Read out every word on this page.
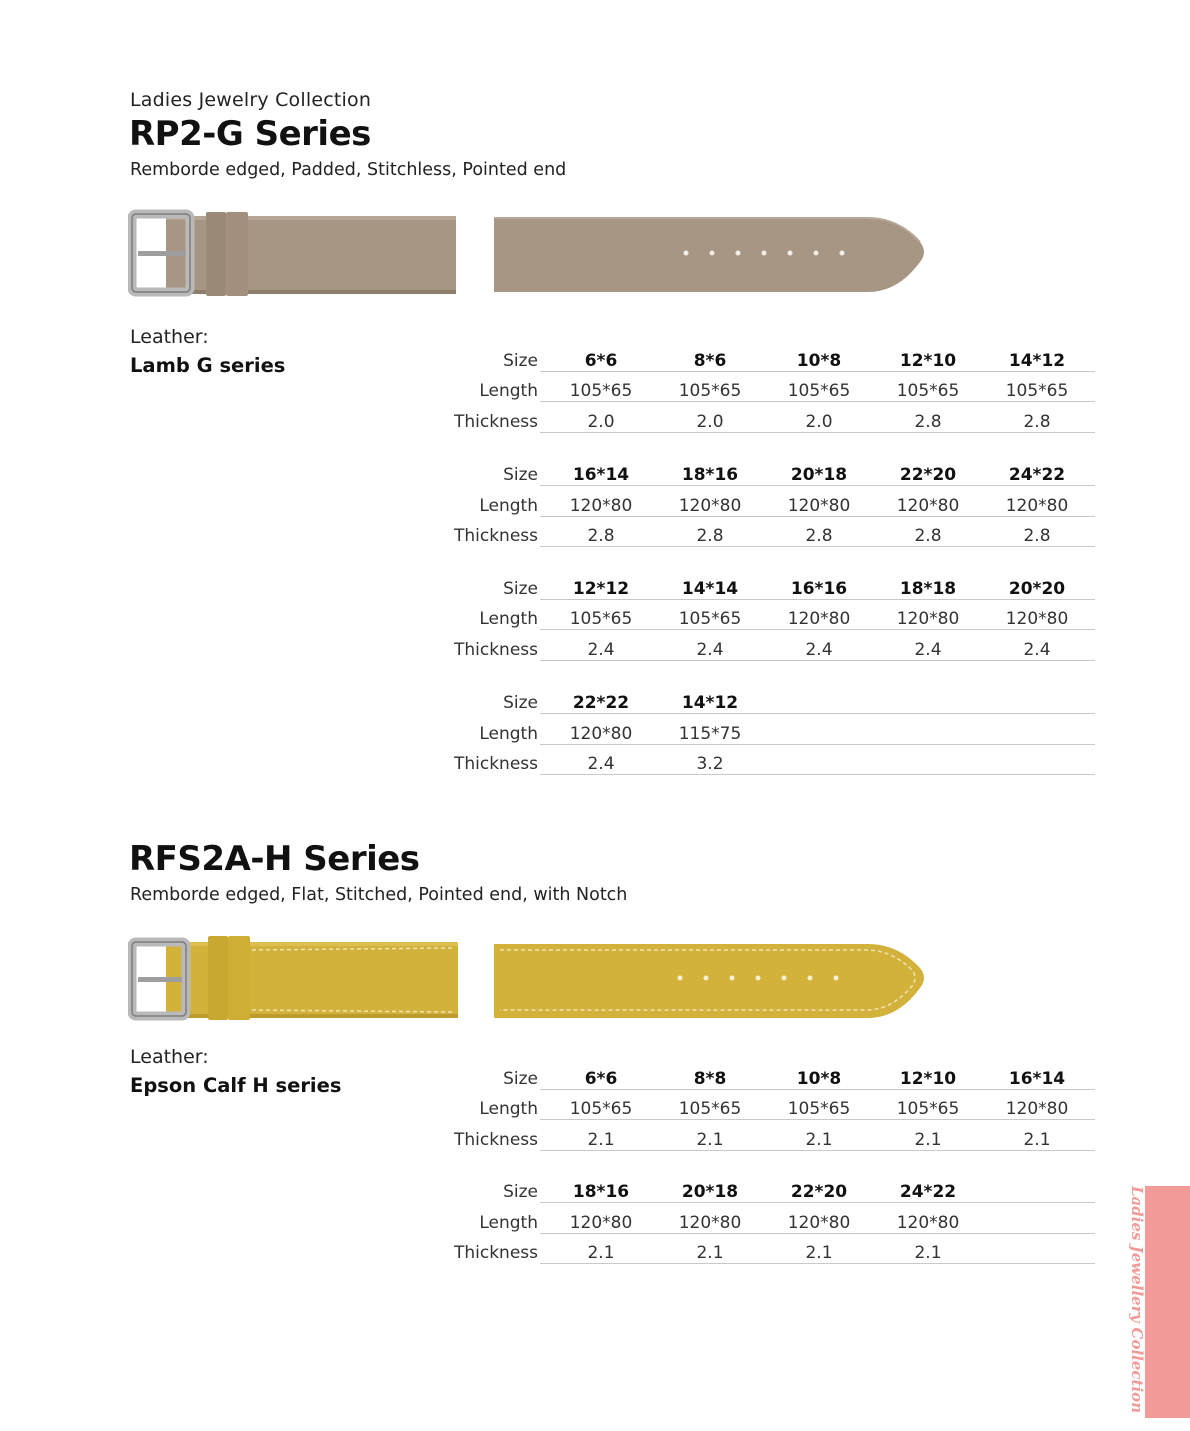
Ladies Jewelry Collection
RP2-G Series
Remborde edged, Padded, Stitchless, Pointed end
Leather:
Lamb G series	Size	6*6	8*6	10*8	12*10	14*12
Length	105*65	105*65	105*65	105*65	105*65
Thickness	2.0	2.0	2.0	2.8	2.8
Size	16*14	18*16	20*18	22*20	24*22
Length	120*80	120*80	120*80	120*80	120*80
Thickness	2.8	2.8	2.8	2.8	2.8
Size	12*12	14*14	16*16	18*18	20*20
Length	105*65	105*65	120*80	120*80	120*80
Thickness	2.4	2.4	2.4	2.4	2.4
Size	22*22	14*12
Length	120*80	115*75
Thickness	2.4	3.2
RFS2A-H Series
Remborde edged, Flat, Stitched, Pointed end, with Notch
Leather:
Epson Calf H series	Size	6*6	8*8	10*8	12*10	16*14
Length	105*65	105*65	105*65	105*65	120*80
Thickness	2.1	2.1	2.1	2.1	2.1
Size	18*16	20*18	22*20	24*22
Length	120*80	120*80	120*80	120*80
Thickness	2.1	2.1	2.1	2.1	Ladies Jewellery Collection
